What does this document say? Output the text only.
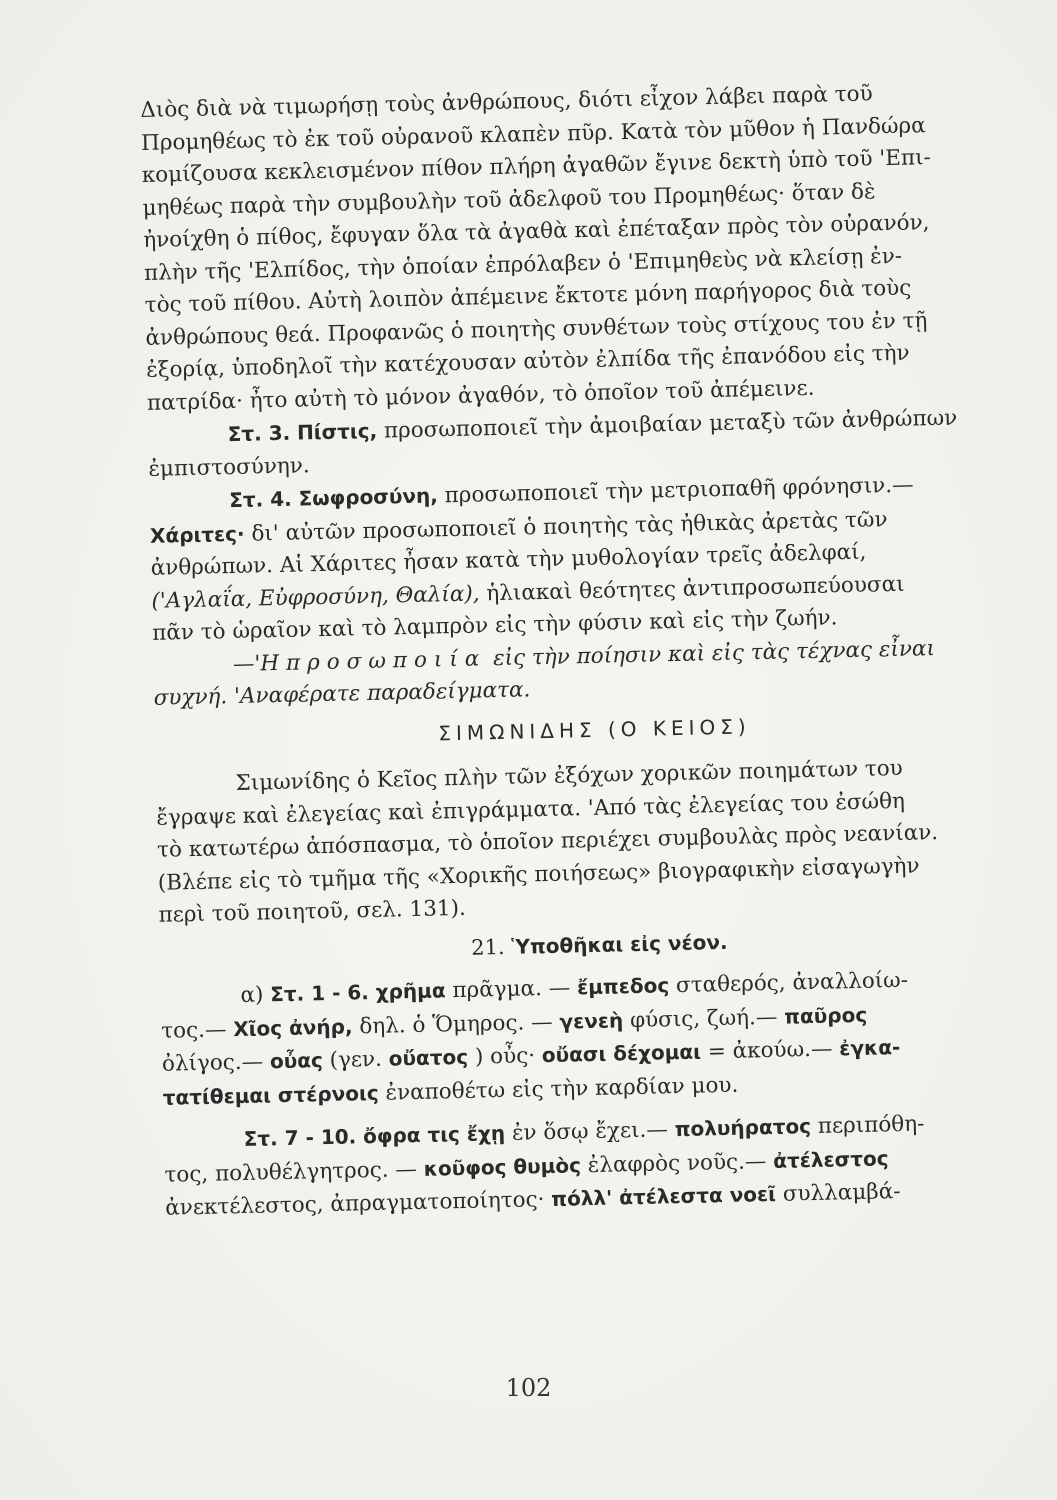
Διὸς διὰ νὰ τιμωρήσῃ τοὺς ἀνθρώπους, διότι εἶχον λάβει παρὰ τοῦ
Προμηθέως τὸ ἐκ τοῦ οὐρανοῦ κλαπὲν πῦρ. Κατὰ τὸν μῦθον ἡ Πανδώρα
κομίζουσα κεκλεισμένον πίθον πλήρη ἀγαθῶν ἔγινε δεκτὴ ὑπὸ τοῦ 'Επι-
μηθέως παρὰ τὴν συμβουλὴν τοῦ ἀδελφοῦ του Προμηθέως· ὅταν δὲ
ἠνοίχθη ὁ πίθος, ἔφυγαν ὅλα τὰ ἀγαθὰ καὶ ἐπέταξαν πρὸς τὸν οὐρανόν,
πλὴν τῆς 'Ελπίδος, τὴν ὁποίαν ἐπρόλαβεν ὁ 'Επιμηθεὺς νὰ κλείσῃ ἐν-
τὸς τοῦ πίθου. Αὐτὴ λοιπὸν ἀπέμεινε ἔκτοτε μόνη παρήγορος διὰ τοὺς
ἀνθρώπους θεά. Προφανῶς ὁ ποιητὴς συνθέτων τοὺς στίχους του ἐν τῇ
ἐξορίᾳ, ὑποδηλοῖ τὴν κατέχουσαν αὐτὸν ἐλπίδα τῆς ἐπανόδου εἰς τὴν
πατρίδα· ἦτο αὐτὴ τὸ μόνον ἀγαθόν, τὸ ὁποῖον τοῦ ἀπέμεινε.
Στ. 3. Πίστις, προσωποποιεῖ τὴν ἀμοιβαίαν μεταξὺ τῶν ἀνθρώπων
ἐμπιστοσύνην.
Στ. 4. Σωφροσύνη, προσωποποιεῖ τὴν μετριοπαθῆ φρόνησιν.—
Χάριτες· δι' αὐτῶν προσωποποιεῖ ὁ ποιητὴς τὰς ἠθικὰς ἀρετὰς τῶν
ἀνθρώπων. Αἱ Χάριτες ἦσαν κατὰ τὴν μυθολογίαν τρεῖς ἀδελφαί,
('Αγλαΐα, Εὐφροσύνη, Θαλία), ἡλιακαὶ θεότητες ἀντιπροσωπεύουσαι
πᾶν τὸ ὡραῖον καὶ τὸ λαμπρὸν εἰς τὴν φύσιν καὶ εἰς τὴν ζωήν.
—'Η προσωποιία εἰς τὴν ποίησιν καὶ εἰς τὰς τέχνας εἶναι
συχνή. 'Αναφέρατε παραδείγματα.
ΣΙΜΩΝΙΔΗΣ (Ο ΚΕΙΟΣ)
Σιμωνίδης ὁ Κεῖος πλὴν τῶν ἐξόχων χορικῶν ποιημάτων του
ἔγραψε καὶ ἐλεγείας καὶ ἐπιγράμματα. 'Από τὰς ἐλεγείας του ἐσώθη
τὸ κατωτέρω ἀπόσπασμα, τὸ ὁποῖον περιέχει συμβουλὰς πρὸς νεανίαν.
(Βλέπε εἰς τὸ τμῆμα τῆς «Χορικῆς ποιήσεως» βιογραφικὴν εἰσαγωγὴν
περὶ τοῦ ποιητοῦ, σελ. 131).
21. Ὑποθῆκαι εἰς νέον.
α) Στ. 1 - 6. χρῆμα πρᾶγμα. — ἔμπεδος σταθερός, ἀναλλοίω-
τος.— Χῖος ἀνήρ, δηλ. ὁ Ὅμηρος. — γενεὴ φύσις, ζωή.— παῦρος
ὀλίγος.— οὖας (γεν. οὔατος ) οὖς· οὔασι δέχομαι = ἀκούω.— ἐγκα-
τατίθεμαι στέρνοις ἐναποθέτω εἰς τὴν καρδίαν μου.
Στ. 7 - 10. ὄφρα τις ἔχῃ ἐν ὅσῳ ἔχει.— πολυήρατος περιπόθη-
τος, πολυθέλγητρος. — κοῦφος θυμὸς ἐλαφρὸς νοῦς.— ἀτέλεστος
ἀνεκτέλεστος, ἀπραγματοποίητος· πόλλ' ἀτέλεστα νοεῖ συλλαμβά-
102
